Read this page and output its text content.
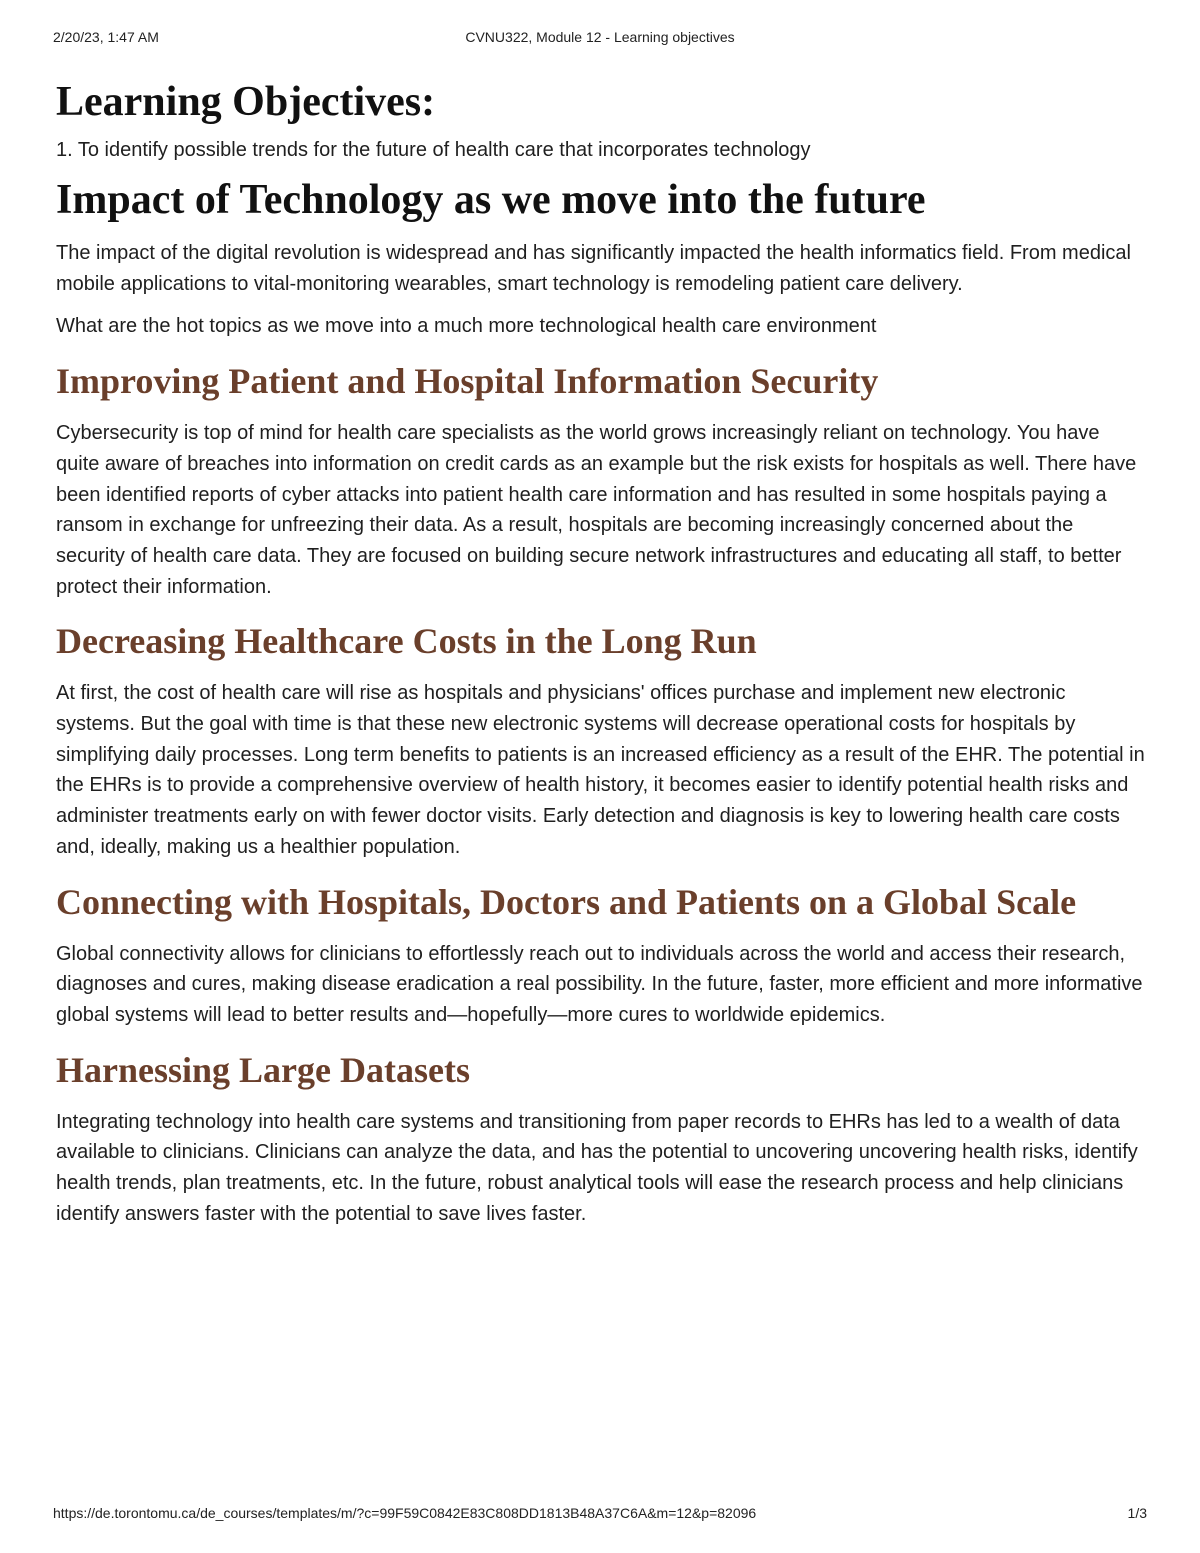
2/20/23, 1:47 AM	CVNU322, Module 12 - Learning objectives
Learning Objectives:
1. To identify possible trends for the future of health care that incorporates technology
Impact of Technology as we move into the future

The impact of the digital revolution is widespread and has significantly impacted the health informatics field. From medical mobile applications to vital-monitoring wearables, smart technology is remodeling patient care delivery.

What are the hot topics as we move into a much more technological health care environment

Improving Patient and Hospital Information Security

Cybersecurity is top of mind for health care specialists as the world grows increasingly reliant on technology. You have quite aware of breaches into information on credit cards as an example but the risk exists for hospitals as well. There have been identified reports of cyber attacks into patient health care information and has resulted in some hospitals paying a ransom in exchange for unfreezing their data. As a result, hospitals are becoming increasingly concerned about the security of health care data. They are focused on building secure network infrastructures and educating all staff, to better protect their information.

Decreasing Healthcare Costs in the Long Run

At first, the cost of health care will rise as hospitals and physicians' offices purchase and implement new electronic systems. But the goal with time is that these new electronic systems will decrease operational costs for hospitals by simplifying daily processes. Long term benefits to patients is an increased efficiency as a result of the EHR. The potential in the EHRs is to provide a comprehensive overview of health history, it becomes easier to identify potential health risks and administer treatments early on with fewer doctor visits. Early detection and diagnosis is key to lowering health care costs and, ideally, making us a healthier population.

Connecting with Hospitals, Doctors and Patients on a Global Scale

Global connectivity allows for clinicians to effortlessly reach out to individuals across the world and access their research, diagnoses and cures, making disease eradication a real possibility. In the future, faster, more efficient and more informative global systems will lead to better results and—hopefully—more cures to worldwide epidemics.

Harnessing Large Datasets

Integrating technology into health care systems and transitioning from paper records to EHRs has led to a wealth of data available to clinicians. Clinicians can analyze the data, and has the potential to uncovering uncovering health risks, identify health trends, plan treatments, etc. In the future, robust analytical tools will ease the research process and help clinicians identify answers faster with the potential to save lives faster.

https://de.torontomu.ca/de_courses/templates/m/?c=99F59C0842E83C808DD1813B48A37C6A&m=12&p=82096	1/3
